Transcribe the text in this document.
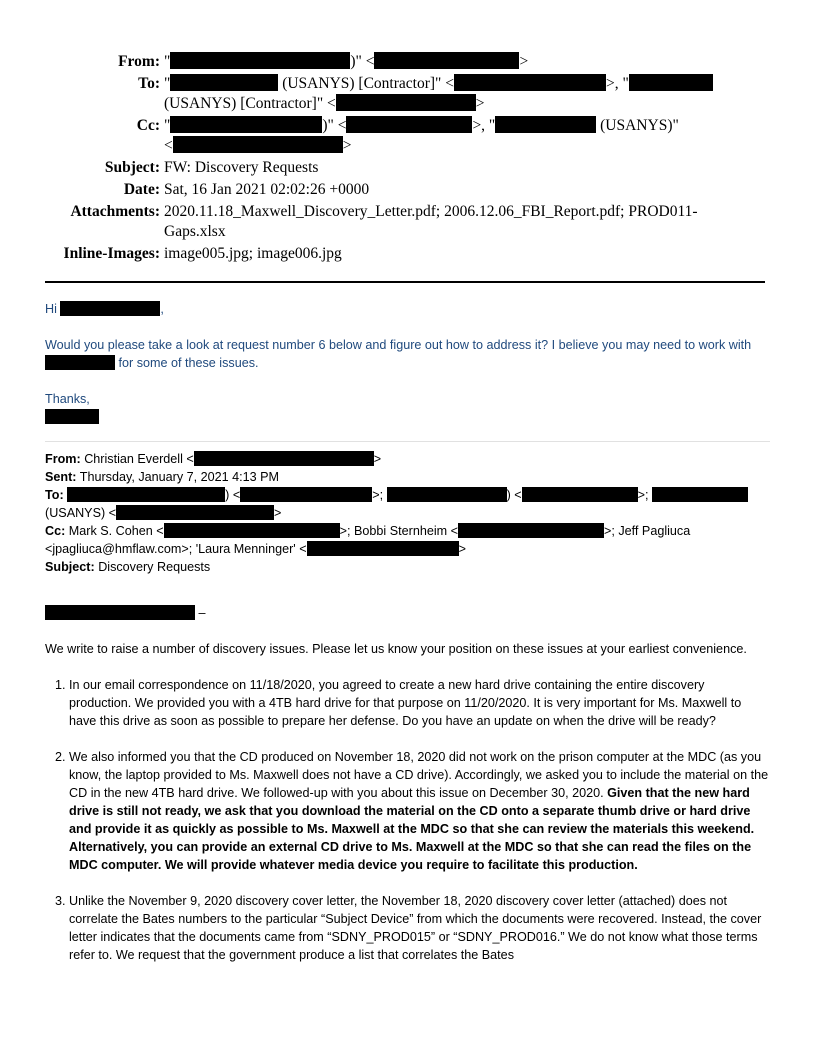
From: "	)" <	>
To: "	(USANYS) [Contractor]" <	>, "
(USANYS) [Contractor]" <	>
Cc: "	)" <	>, "	(USANYS)"
<	>
Subject: FW: Discovery Requests
Date: Sat, 16 Jan 2021 02:02:26 +0000
Attachments: 2020.11.18_Maxwell_Discovery_Letter.pdf; 2006.12.06_FBI_Report.pdf; PROD011-Gaps.xlsx
Inline-Images: image005.jpg; image006.jpg

Hi	,

Would you please take a look at request number 6 below and figure out how to address it? I believe you may need to work with  for some of these issues.

Thanks,

From: Christian Everdell <	>

Sent: Thursday, January 7, 2021 4:13 PM

To:	) <	>;	) <	>;
(USANYS) <	>

Cc: Mark S. Cohen <	>; Bobbi Sternheim <	>; Jeff Pagliuca
<jpagliuca@hmflaw.com>; 'Laura Menninger' <	>

Subject: Discovery Requests

–

We write to raise a number of discovery issues. Please let us know your position on these issues at your earliest convenience.

1. In our email correspondence on 11/18/2020, you agreed to create a new hard drive containing the entire discovery production. We provided you with a 4TB hard drive for that purpose on 11/20/2020. It is very important for Ms. Maxwell to have this drive as soon as possible to prepare her defense. Do you have an update on when the drive will be ready?
2. We also informed you that the CD produced on November 18, 2020 did not work on the prison computer at the MDC (as you know, the laptop provided to Ms. Maxwell does not have a CD drive). Accordingly, we asked you to include the material on the CD in the new 4TB hard drive. We followed-up with you about this issue on December 30, 2020. Given that the new hard drive is still not ready, we ask that you download the material on the CD onto a separate thumb drive or hard drive and provide it as quickly as possible to Ms. Maxwell at the MDC so that she can review the materials this weekend. Alternatively, you can provide an external CD drive to Ms. Maxwell at the MDC so that she can read the files on the MDC computer. We will provide whatever media device you require to facilitate this production.
3. Unlike the November 9, 2020 discovery cover letter, the November 18, 2020 discovery cover letter (attached) does not correlate the Bates numbers to the particular “Subject Device” from which the documents were recovered. Instead, the cover letter indicates that the documents came from “SDNY_PROD015” or “SDNY_PROD016.” We do not know what those terms refer to. We request that the government produce a list that correlates the Bates
